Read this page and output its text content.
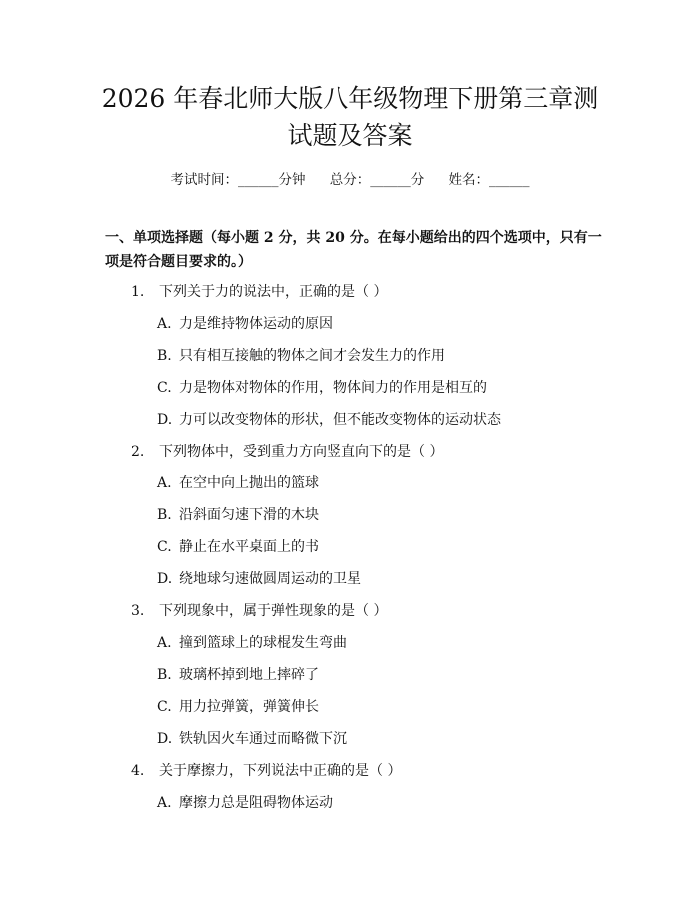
2026 年春北师大版八年级物理下册第三章测
试题及答案
考试时间：______分钟 总分：______分 姓名：______

一、单项选择题（每小题 2 分，共 20 分。在每小题给出的四个选项中，只有一项是符合题目要求的。）

1. 下列关于力的说法中，正确的是（ ）
A. 力是维持物体运动的原因
B. 只有相互接触的物体之间才会发生力的作用
C. 力是物体对物体的作用，物体间力的作用是相互的
D. 力可以改变物体的形状，但不能改变物体的运动状态
2. 下列物体中，受到重力方向竖直向下的是（ ）
A. 在空中向上抛出的篮球
B. 沿斜面匀速下滑的木块
C. 静止在水平桌面上的书
D. 绕地球匀速做圆周运动的卫星
3. 下列现象中，属于弹性现象的是（ ）
A. 撞到篮球上的球棍发生弯曲
B. 玻璃杯掉到地上摔碎了
C. 用力拉弹簧，弹簧伸长
D. 铁轨因火车通过而略微下沉
4. 关于摩擦力，下列说法中正确的是（ ）
A. 摩擦力总是阻碍物体运动
